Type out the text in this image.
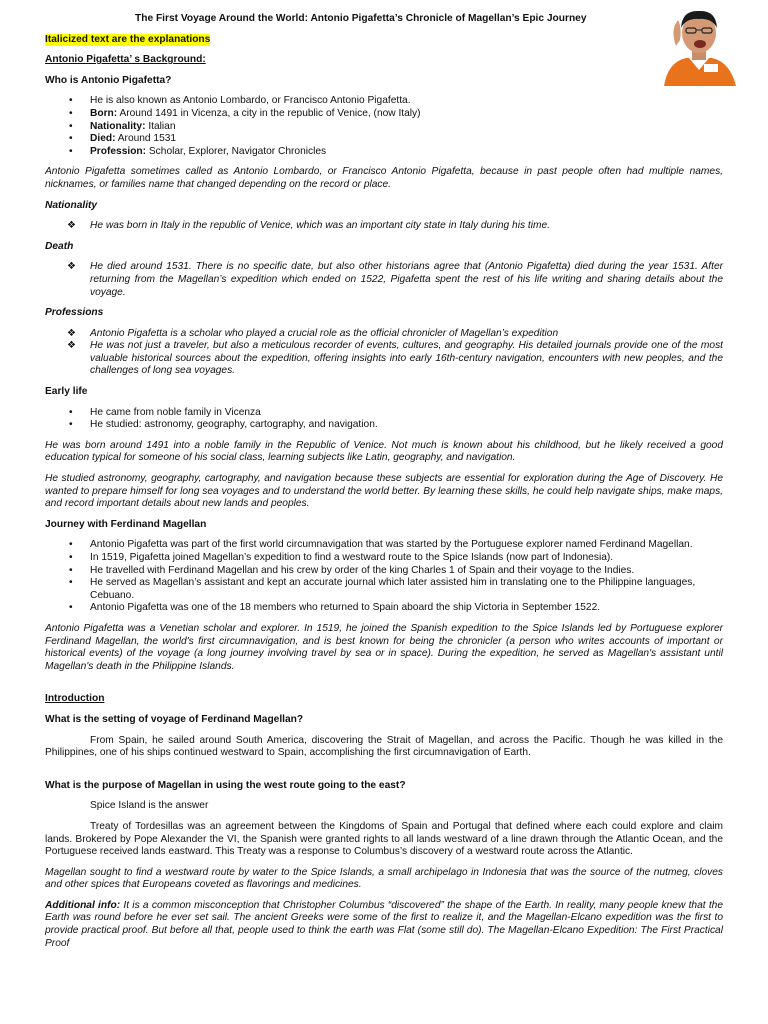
The First Voyage Around the World: Antonio Pigafetta’s Chronicle of Magellan’s Epic Journey
Italicized text are the explanations
Antonio Pigafetta’ s Background:
Who is Antonio Pigafetta?
• He is also known as Antonio Lombardo, or Francisco Antonio Pigafetta.
• Born: Around 1491 in Vicenza, a city in the republic of Venice, (now Italy)
• Nationality: Italian
• Died: Around 1531
• Profession: Scholar, Explorer, Navigator Chronicles

Antonio Pigafetta sometimes called as Antonio Lombardo, or Francisco Antonio Pigafetta, because in past people often had multiple names, nicknames, or families name that changed depending on the record or place.

Nationality
❖ He was born in Italy in the republic of Venice, which was an important city state in Italy during his time.
Death
❖ He died around 1531. There is no specific date, but also other historians agree that (Antonio Pigafetta) died during the year 1531. After returning from the Magellan’s expedition which ended on 1522, Pigafetta spent the rest of his life writing and sharing details about the voyage.
Professions
❖ Antonio Pigafetta is a scholar who played a crucial role as the official chronicler of Magellan’s expedition
❖ He was not just a traveler, but also a meticulous recorder of events, cultures, and geography. His detailed journals provide one of the most valuable historical sources about the expedition, offering insights into early 16th-century navigation, encounters with new peoples, and the challenges of long sea voyages.
Early life
• He came from noble family in Vicenza
• He studied: astronomy, geography, cartography, and navigation.

He was born around 1491 into a noble family in the Republic of Venice. Not much is known about his childhood, but he likely received a good education typical for someone of his social class, learning subjects like Latin, geography, and navigation.

He studied astronomy, geography, cartography, and navigation because these subjects are essential for exploration during the Age of Discovery. He wanted to prepare himself for long sea voyages and to understand the world better. By learning these skills, he could help navigate ships, make maps, and record important details about new lands and peoples.

Journey with Ferdinand Magellan
• Antonio Pigafetta was part of the first world circumnavigation that was started by the Portuguese explorer named Ferdinand Magellan.
• In 1519, Pigafetta joined Magellan’s expedition to find a westward route to the Spice Islands (now part of Indonesia).
• He travelled with Ferdinand Magellan and his crew by order of the king Charles 1 of Spain and their voyage to the Indies.
• He served as Magellan’s assistant and kept an accurate journal which later assisted him in translating one to the Philippine languages, Cebuano.
• Antonio Pigafetta was one of the 18 members who returned to Spain aboard the ship Victoria in September 1522.

Antonio Pigafetta was a Venetian scholar and explorer. In 1519, he joined the Spanish expedition to the Spice Islands led by Portuguese explorer Ferdinand Magellan, the world's first circumnavigation, and is best known for being the chronicler (a person who writes accounts of important or historical events) of the voyage (a long journey involving travel by sea or in space). During the expedition, he served as Magellan's assistant until Magellan's death in the Philippine Islands.

Introduction
What is the setting of voyage of Ferdinand Magellan?

From Spain, he sailed around South America, discovering the Strait of Magellan, and across the Pacific. Though he was killed in the Philippines, one of his ships continued westward to Spain, accomplishing the first circumnavigation of Earth.

What is the purpose of Magellan in using the west route going to the east?

Spice Island is the answer

Treaty of Tordesillas was an agreement between the Kingdoms of Spain and Portugal that defined where each could explore and claim lands. Brokered by Pope Alexander the VI, the Spanish were granted rights to all lands westward of a line drawn through the Atlantic Ocean, and the Portuguese received lands eastward. This Treaty was a response to Columbus’s discovery of a westward route across the Atlantic.

Magellan sought to find a westward route by water to the Spice Islands, a small archipelago in Indonesia that was the source of the nutmeg, cloves and other spices that Europeans coveted as flavorings and medicines.

Additional info: It is a common misconception that Christopher Columbus “discovered” the shape of the Earth. In reality, many people knew that the Earth was round before he ever set sail. The ancient Greeks were some of the first to realize it, and the Magellan-Elcano expedition was the first to provide practical proof. But before all that, people used to think the earth was Flat (some still do). The Magellan-Elcano Expedition: The First Practical Proof
